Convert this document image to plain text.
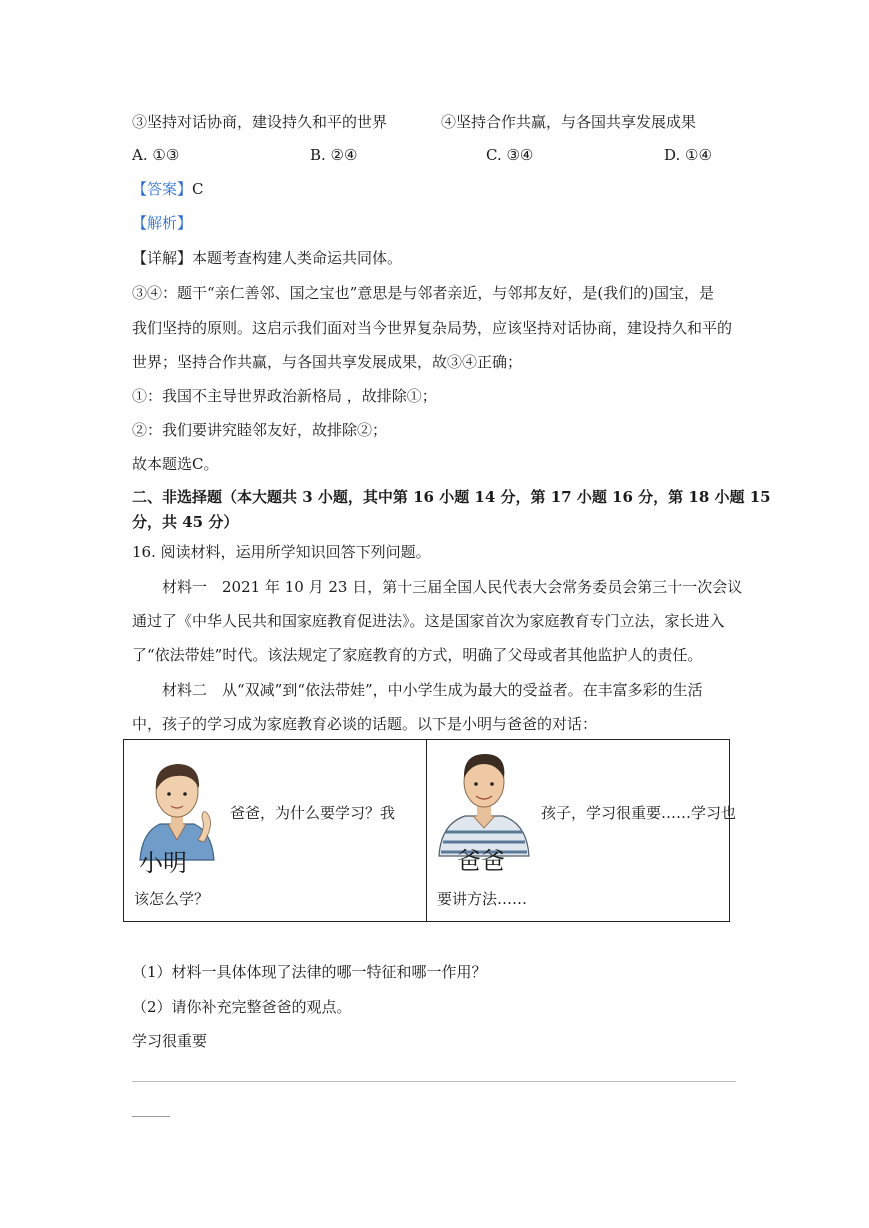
③坚持对话协商，建设持久和平的世界	④坚持合作共赢，与各国共享发展成果
A. ①③	B. ②④	C. ③④	D. ①④
【答案】C
【解析】
【详解】本题考查构建人类命运共同体。
③④：题干“亲仁善邻、国之宝也”意思是与邻者亲近，与邻邦友好，是(我们的)国宝，是
我们坚持的原则。这启示我们面对当今世界复杂局势，应该坚持对话协商，建设持久和平的
世界；坚持合作共赢，与各国共享发展成果，故③④正确；
①：我国不主导世界政治新格局 ，故排除①；
②：我们要讲究睦邻友好，故排除②；
故本题选C。
二、非选择题（本大题共 3 小题，其中第 16 小题 14 分，第 17 小题 16 分，第 18 小题 15
分，共 45 分）
16. 阅读材料，运用所学知识回答下列问题。
材料一　2021 年 10 月 23 日，第十三届全国人民代表大会常务委员会第三十一次会议
通过了《中华人民共和国家庭教育促进法》。这是国家首次为家庭教育专门立法，家长进入
了“依法带娃”时代。该法规定了家庭教育的方式，明确了父母或者其他监护人的责任。
材料二　从“双减”到“依法带娃”，中小学生成为最大的受益者。在丰富多彩的生活
中，孩子的学习成为家庭教育必谈的话题。以下是小明与爸爸的对话：
小明
爸爸，为什么要学习？我
该怎么学？

爸爸
孩子，学习很重要……学习也
要讲方法……
（1）材料一具体体现了法律的哪一特征和哪一作用？
（2）请你补充完整爸爸的观点。
学习很重要
